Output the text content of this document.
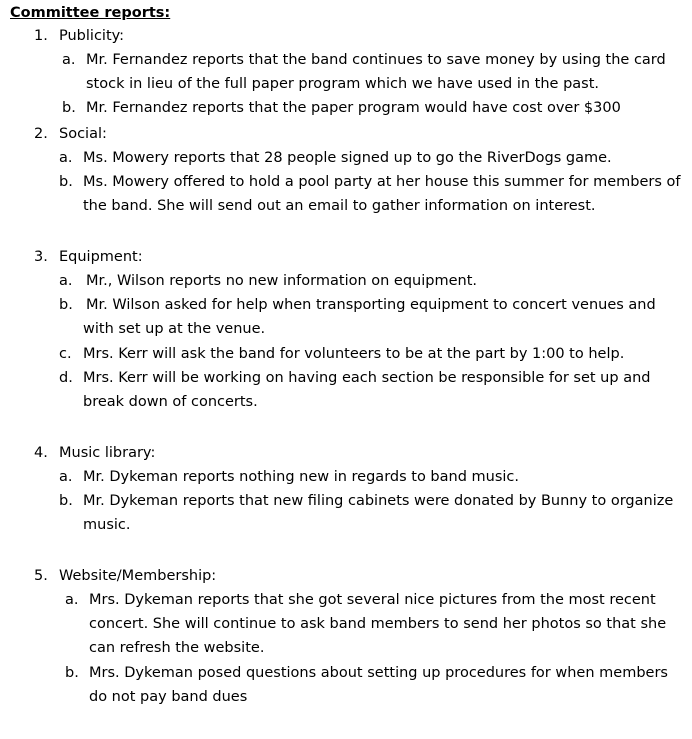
Committee reports:
1. Publicity:
a. Mr. Fernandez reports that the band continues to save money by using the card
stock in lieu of the full paper program which we have used in the past.
b. Mr. Fernandez reports that the paper program would have cost over $300
2. Social:
a. Ms. Mowery reports that 28 people signed up to go the RiverDogs game.
b. Ms. Mowery offered to hold a pool party at her house this summer for members of
the band. She will send out an email to gather information on interest.
3. Equipment:
a. Mr., Wilson reports no new information on equipment.
b. Mr. Wilson asked for help when transporting equipment to concert venues and
with set up at the venue.
c. Mrs. Kerr will ask the band for volunteers to be at the part by 1:00 to help.
d. Mrs. Kerr will be working on having each section be responsible for set up and
break down of concerts.
4. Music library:
a. Mr. Dykeman reports nothing new in regards to band music.
b. Mr. Dykeman reports that new filing cabinets were donated by Bunny to organize
music.
5. Website/Membership:
a. Mrs. Dykeman reports that she got several nice pictures from the most recent
concert. She will continue to ask band members to send her photos so that she
can refresh the website.
b. Mrs. Dykeman posed questions about setting up procedures for when members
do not pay band dues
